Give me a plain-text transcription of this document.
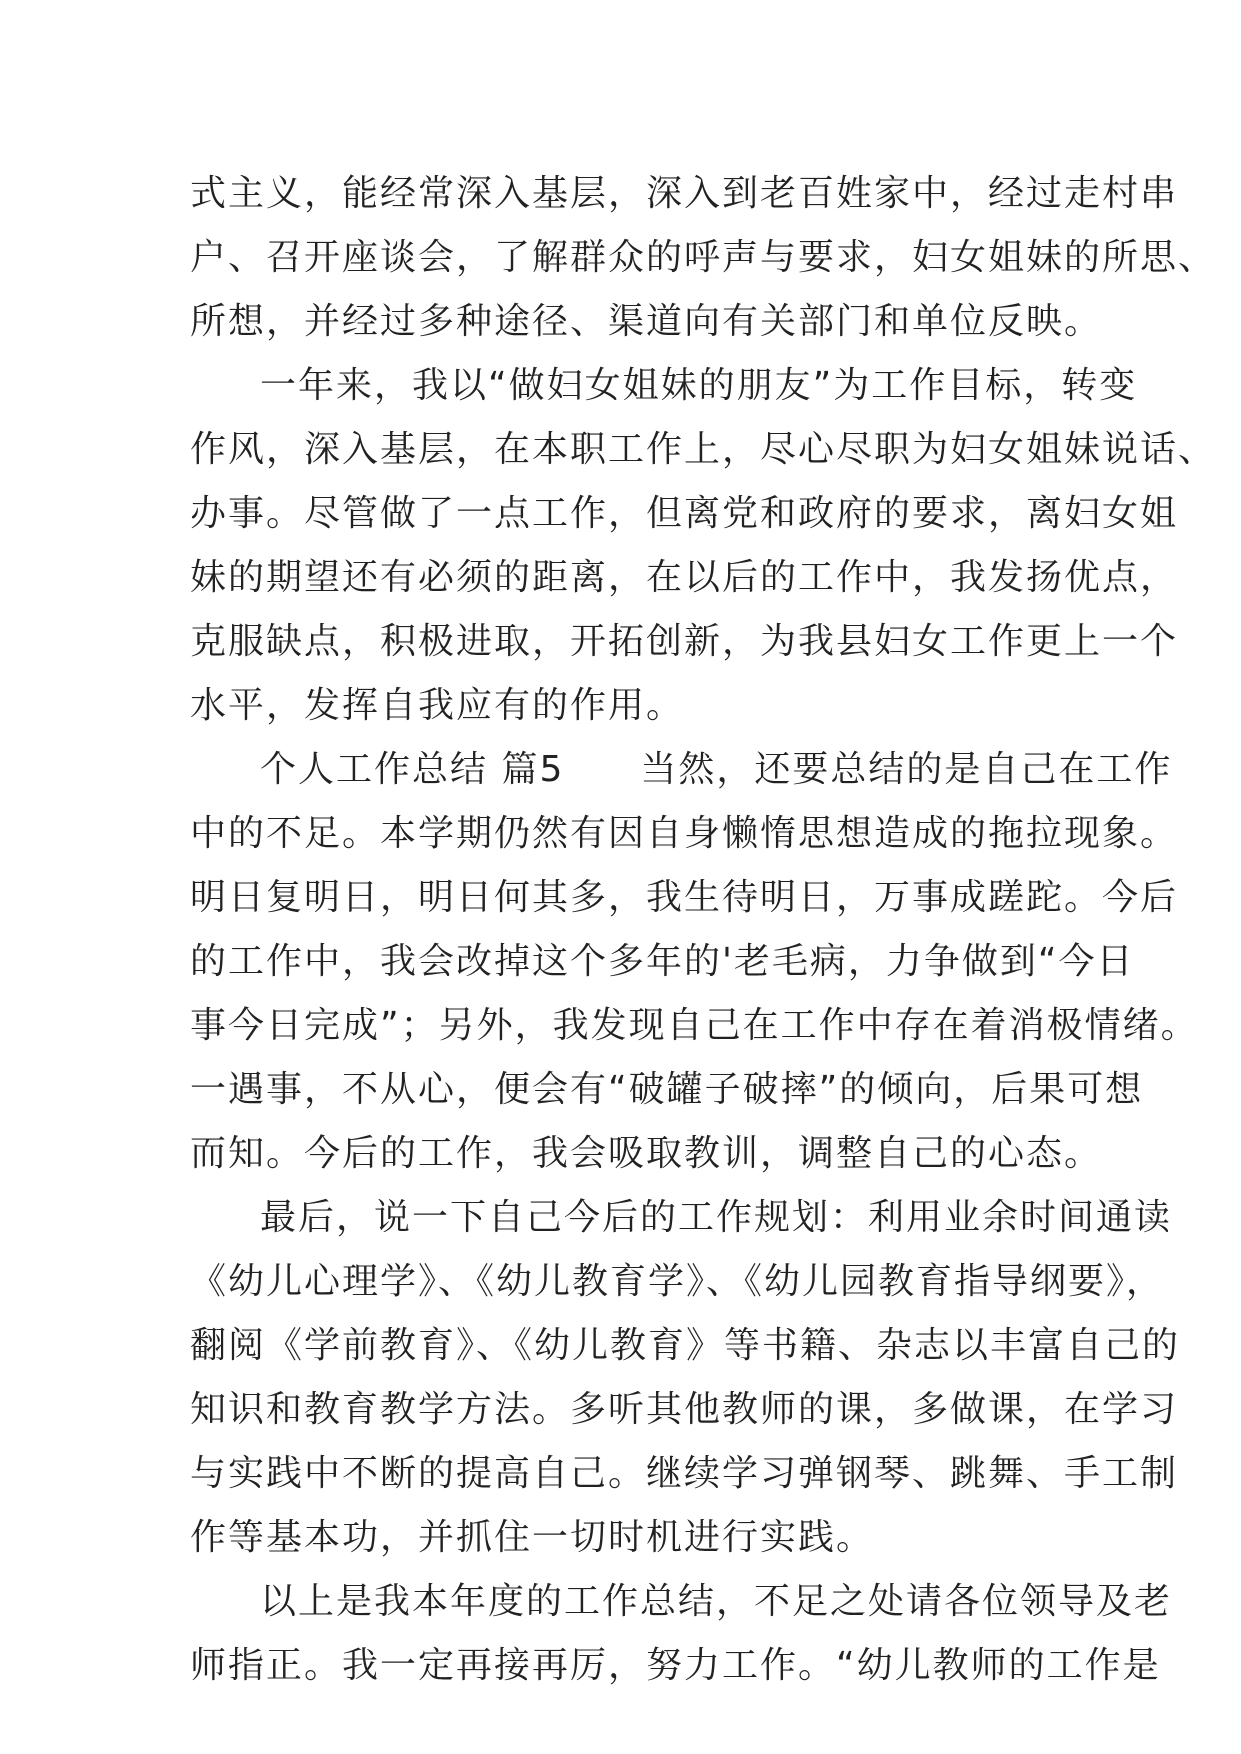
式主义，能经常深入基层，深入到老百姓家中，经过走村串
户、召开座谈会，了解群众的呼声与要求，妇女姐妹的所思、
所想，并经过多种途径、渠道向有关部门和单位反映。
一年来，我以“做妇女姐妹的朋友”为工作目标，转变
作风，深入基层，在本职工作上，尽心尽职为妇女姐妹说话、
办事。尽管做了一点工作，但离党和政府的要求，离妇女姐
妹的期望还有必须的距离，在以后的工作中，我发扬优点，
克服缺点，积极进取，开拓创新，为我县妇女工作更上一个
水平，发挥自我应有的作用。
个人工作总结 篇5　　当然，还要总结的是自己在工作
中的不足。本学期仍然有因自身懒惰思想造成的拖拉现象。
明日复明日，明日何其多，我生待明日，万事成蹉跎。今后
的工作中，我会改掉这个多年的'老毛病，力争做到“今日
事今日完成”；另外，我发现自己在工作中存在着消极情绪。
一遇事，不从心，便会有“破罐子破摔”的倾向，后果可想
而知。今后的工作，我会吸取教训，调整自己的心态。
最后，说一下自己今后的工作规划：利用业余时间通读
《幼儿心理学》、《幼儿教育学》、《幼儿园教育指导纲要》，
翻阅《学前教育》、《幼儿教育》等书籍、杂志以丰富自己的
知识和教育教学方法。多听其他教师的课，多做课，在学习
与实践中不断的提高自己。继续学习弹钢琴、跳舞、手工制
作等基本功，并抓住一切时机进行实践。
以上是我本年度的工作总结，不足之处请各位领导及老
师指正。我一定再接再厉，努力工作。“幼儿教师的工作是
